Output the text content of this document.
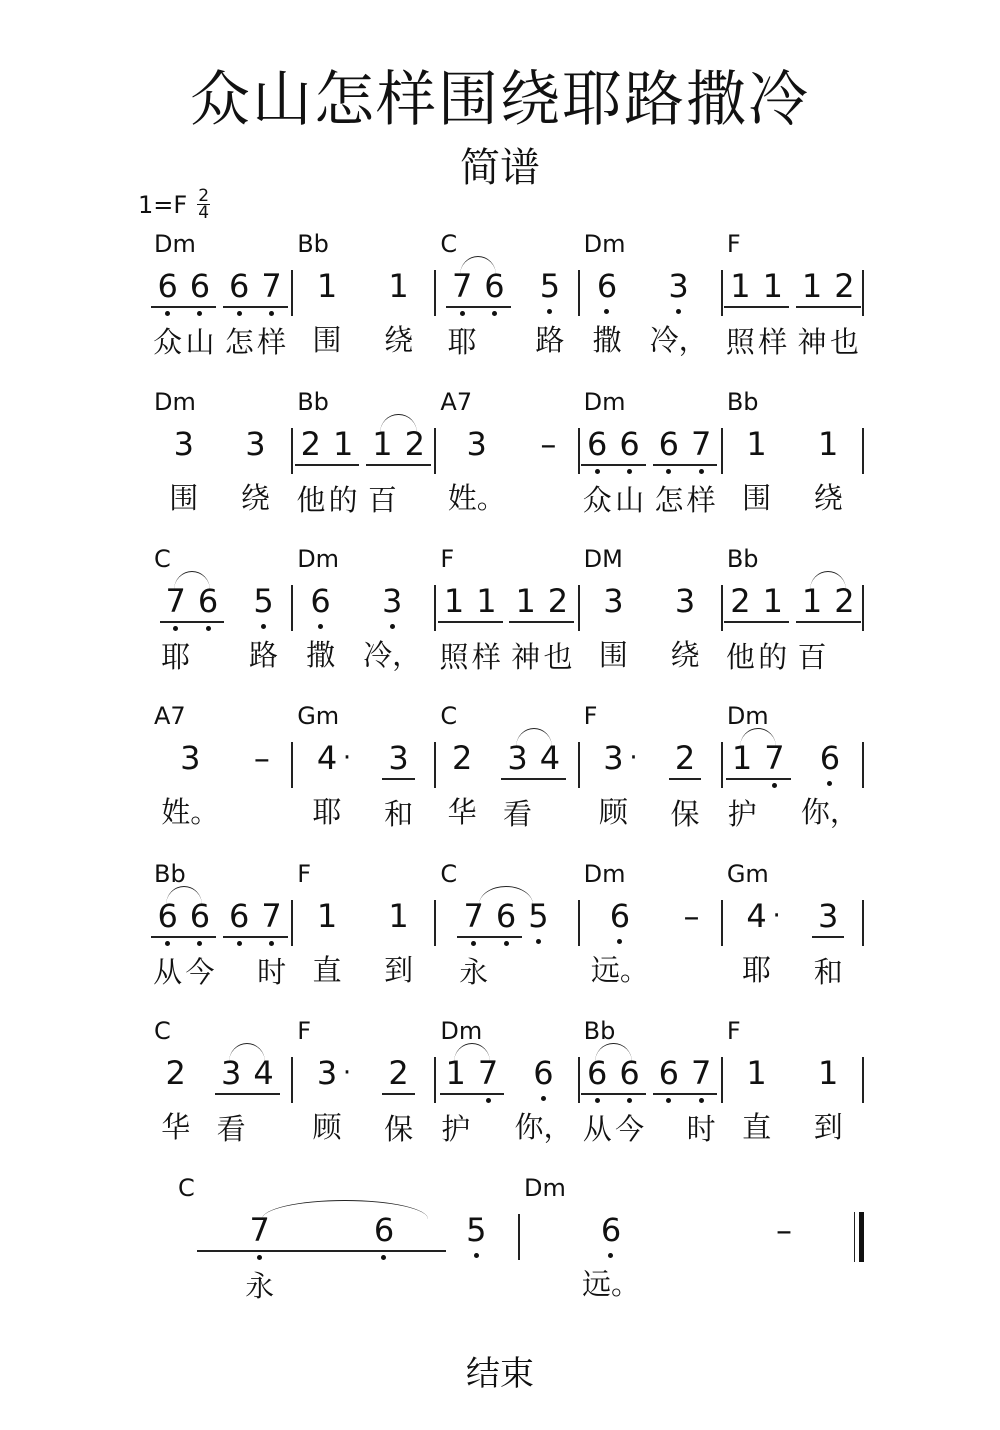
众山怎样围绕耶路撒冷
简谱
$1=F \frac{2}{4}$
Dm
6
众
6
山
6
怎
7
样
Bb
1
围
1
绕
C
7
耶
6
5
路
Dm
6
撒
3
冷，
F
1
照
1
样
1
神
2
也
Dm
3
围
3
绕
Bb
2
他
1
的
1
百
2

A7
3
姓。
–

Dm
6
众
6
山
6
怎
7
样
Bb
1
围
1
绕
C
7
耶
6
5
路
Dm
6
撒
3
冷，
F
1
照
1
样
1
神
2
也
DM
3
围
3
绕
Bb
2
他
1
的
1
百
2

A7
3
姓。
–

Gm
4 ·
耶
3
和
C
2
华
3
看
4

F
3 ·
顾
2
保
Dm
1
护
7
6
你，
Bb
6
从
6
今
6
7
时
F
1
直
1
到
C
7
永
6
5

Dm
6
远。
–

Gm
4 ·
耶
3
和
C
2
华
3
看
4

F
3 ·
顾
2
保
Dm
1
护
7
6
你，
Bb
6
从
6
今
6
7
时
F
1
直
1
到
C
7
永
6
	5

Dm
6
远。
–

结束
